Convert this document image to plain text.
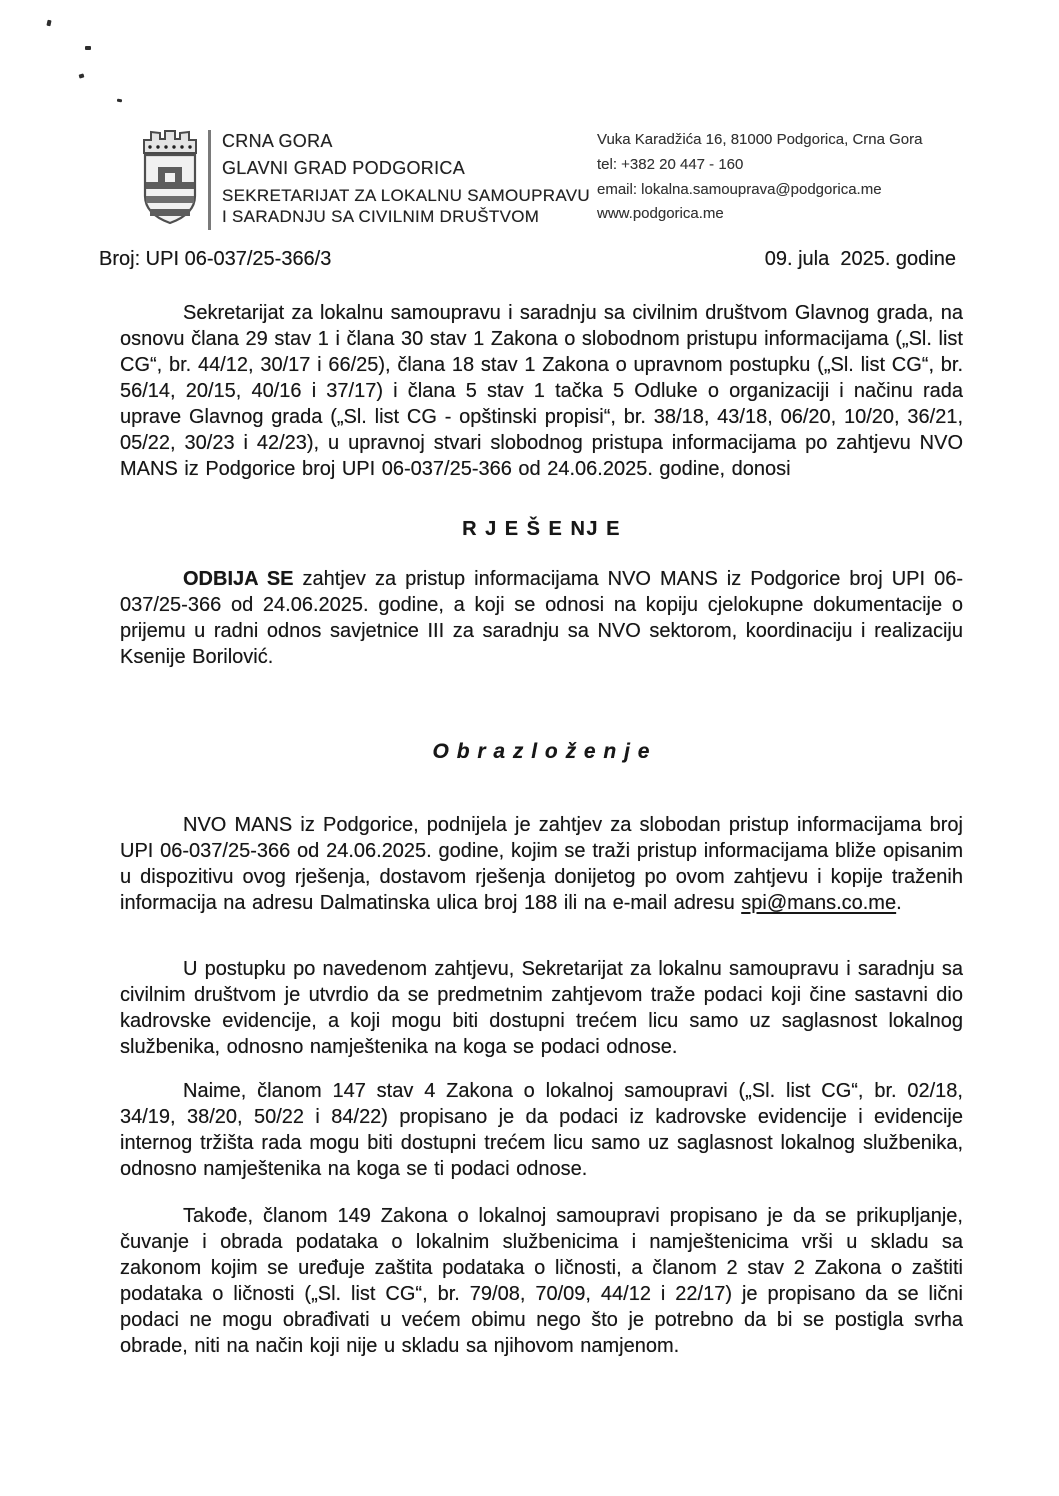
CRNA GORA
GLAVNI GRAD PODGORICA
SEKRETARIJAT ZA LOKALNU SAMOUPRAVU
I SARADNJU SA CIVILNIM DRUŠTVOM
Vuka Karadžića 16, 81000 Podgorica, Crna Gora
tel: +382 20 447 - 160
email: lokalna.samouprava@podgorica.me
www.podgorica.me
Broj: UPI 06-037/25-366/3	09. jula  2025. godine

Sekretarijat za lokalnu samoupravu i saradnju sa civilnim društvom Glavnog grada, na osnovu člana 29 stav 1 i člana 30 stav 1 Zakona o slobodnom pristupu informacijama („Sl. list CG“, br. 44/12, 30/17 i 66/25), člana 18 stav 1 Zakona o upravnom postupku („Sl. list CG“, br. 56/14, 20/15, 40/16 i 37/17) i člana 5 stav 1 tačka 5 Odluke o organizaciji i načinu rada uprave Glavnog grada („Sl. list CG - opštinski propisi“, br. 38/18, 43/18, 06/20, 10/20, 36/21, 05/22, 30/23 i 42/23), u upravnoj stvari slobodnog pristupa informacijama po zahtjevu NVO MANS iz Podgorice broj UPI 06-037/25-366 od 24.06.2025. godine, donosi

R J E Š E NJ E

ODBIJA SE zahtjev za pristup informacijama NVO MANS iz Podgorice broj UPI 06-037/25-366 od 24.06.2025. godine, a koji se odnosi na kopiju cjelokupne dokumentacije o prijemu u radni odnos savjetnice III za saradnju sa NVO sektorom, koordinaciju i realizaciju Ksenije Borilović.

O b r a z l o ž e n j e

NVO MANS iz Podgorice, podnijela je zahtjev za slobodan pristup informacijama broj UPI 06-037/25-366 od 24.06.2025. godine, kojim se traži pristup informacijama bliže opisanim u dispozitivu ovog rješenja, dostavom rješenja donijetog po ovom zahtjevu i kopije traženih informacija na adresu Dalmatinska ulica broj 188 ili na e-mail adresu spi@mans.co.me.

U postupku po navedenom zahtjevu, Sekretarijat za lokalnu samoupravu i saradnju sa civilnim društvom je utvrdio da se predmetnim zahtjevom traže podaci koji čine sastavni dio kadrovske evidencije, a koji mogu biti dostupni trećem licu samo uz saglasnost lokalnog službenika, odnosno namještenika na koga se podaci odnose.

Naime, članom 147 stav 4 Zakona o lokalnoj samoupravi („Sl. list CG“, br. 02/18, 34/19, 38/20, 50/22 i 84/22) propisano je da podaci iz kadrovske evidencije i evidencije internog tržišta rada mogu biti dostupni trećem licu samo uz saglasnost lokalnog službenika, odnosno namještenika na koga se ti podaci odnose.

Takođe, članom 149 Zakona o lokalnoj samoupravi propisano je da se prikupljanje, čuvanje i obrada podataka o lokalnim službenicima i namještenicima vrši u skladu sa zakonom kojim se uređuje zaštita podataka o ličnosti, a članom 2 stav 2 Zakona o zaštiti podataka o ličnosti („Sl. list CG“, br. 79/08, 70/09, 44/12 i 22/17) je propisano da se lični podaci ne mogu obrađivati u većem obimu nego što je potrebno da bi se postigla svrha obrade, niti na način koji nije u skladu sa njihovom namjenom.
